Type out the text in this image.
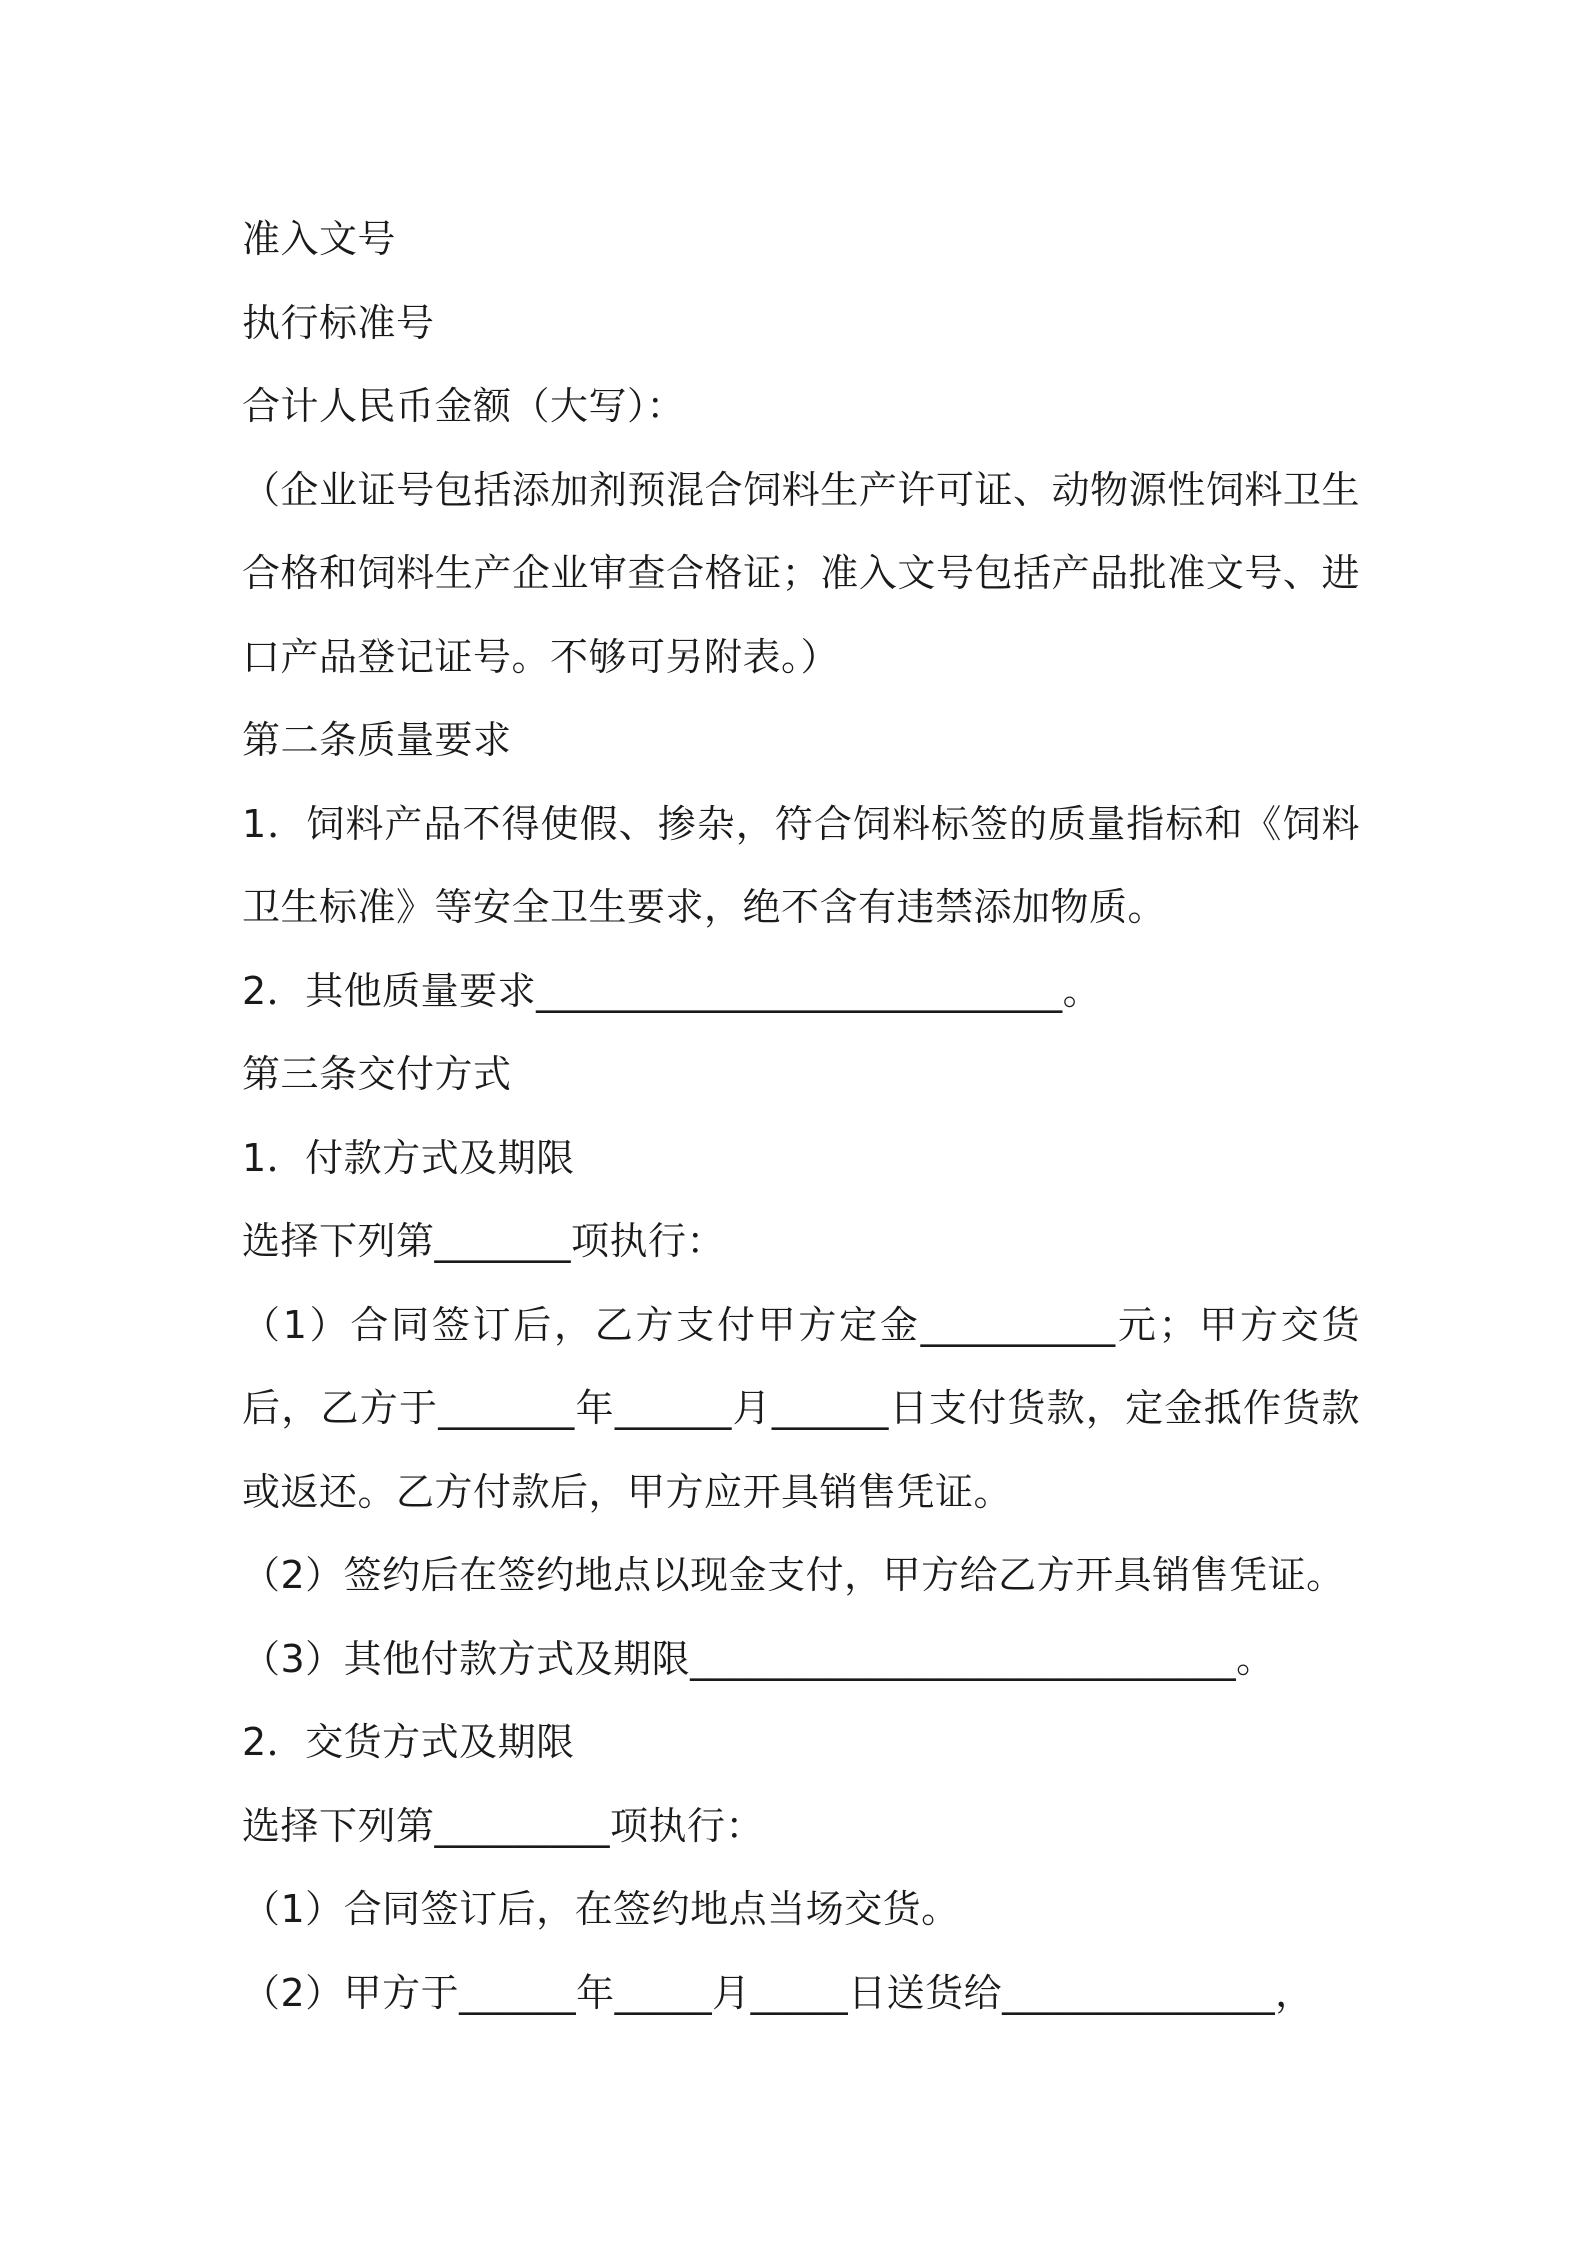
准入文号

执行标准号

合计人民币金额（大写）：

（企业证号包括添加剂预混合饲料生产许可证、动物源性饲料卫生合格和饲料生产企业审查合格证；准入文号包括产品批准文号、进口产品登记证号。不够可另附表。）

第二条质量要求

1．饲料产品不得使假、掺杂，符合饲料标签的质量指标和《饲料卫生标准》等安全卫生要求，绝不含有违禁添加物质。

2．其他质量要求___________________________。

第三条交付方式

1．付款方式及期限

选择下列第_______项执行：

（1）合同签订后，乙方支付甲方定金__________元；甲方交货后，乙方于_______年______月______日支付货款，定金抵作货款或返还。乙方付款后，甲方应开具销售凭证。

（2）签约后在签约地点以现金支付，甲方给乙方开具销售凭证。

（3）其他付款方式及期限____________________________。

2．交货方式及期限

选择下列第_________项执行：

（1）合同签订后，在签约地点当场交货。

（2）甲方于______年_____月_____日送货给______________，
